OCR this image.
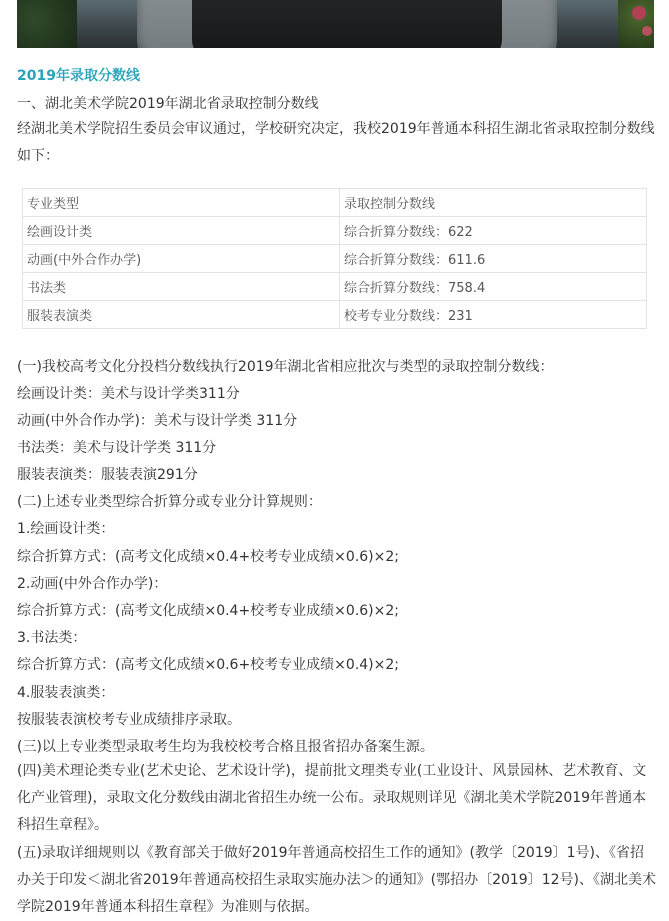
2019年录取分数线
一、湖北美术学院2019年湖北省录取控制分数线
经湖北美术学院招生委员会审议通过，学校研究决定，我校2019年普通本科招生湖北省录取控制分数线如下：
专业类型	录取控制分数线
绘画设计类	综合折算分数线：622
动画(中外合作办学)	综合折算分数线：611.6
书法类	综合折算分数线：758.4
服装表演类	校考专业分数线：231
(一)我校高考文化分投档分数线执行2019年湖北省相应批次与类型的录取控制分数线：
绘画设计类：美术与设计学类311分
动画(中外合作办学)：美术与设计学类 311分
书法类：美术与设计学类 311分
服装表演类：服装表演291分
(二)上述专业类型综合折算分或专业分计算规则：
1.绘画设计类：
综合折算方式：(高考文化成绩×0.4+校考专业成绩×0.6)×2;
2.动画(中外合作办学)：
综合折算方式：(高考文化成绩×0.4+校考专业成绩×0.6)×2;
3.书法类：
综合折算方式：(高考文化成绩×0.6+校考专业成绩×0.4)×2;
4.服装表演类：
按服装表演校考专业成绩排序录取。
(三)以上专业类型录取考生均为我校校考合格且报省招办备案生源。
(四)美术理论类专业(艺术史论、艺术设计学)，提前批文理类专业(工业设计、风景园林、艺术教育、文化产业管理)，录取文化分数线由湖北省招生办统一公布。录取规则详见《湖北美术学院2019年普通本科招生章程》。
(五)录取详细规则以《教育部关于做好2019年普通高校招生工作的通知》(教学〔2019〕1号)、《省招办关于印发＜湖北省2019年普通高校招生录取实施办法＞的通知》(鄂招办〔2019〕12号)、《湖北美术学院2019年普通本科招生章程》为准则与依据。
